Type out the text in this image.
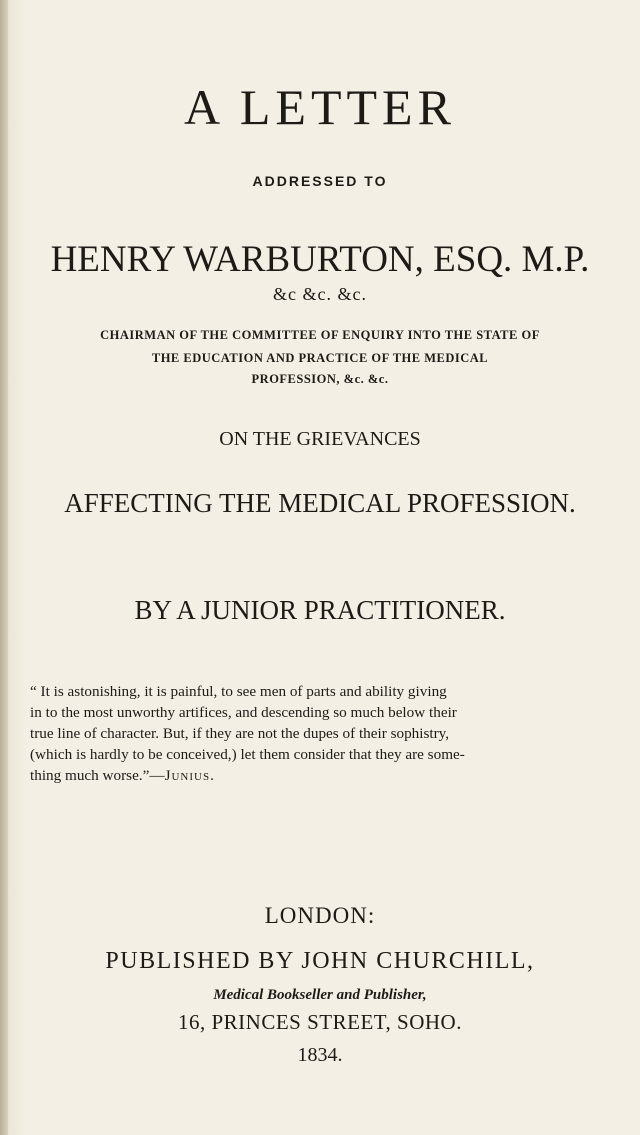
A LETTER
ADDRESSED TO
HENRY WARBURTON, ESQ. M.P.
&c &c. &c.
CHAIRMAN OF THE COMMITTEE OF ENQUIRY INTO THE STATE OF
THE EDUCATION AND PRACTICE OF THE MEDICAL
PROFESSION, &c. &c.
ON THE GRIEVANCES
AFFECTING THE MEDICAL PROFESSION.
BY A JUNIOR PRACTITIONER.
“ It is astonishing, it is painful, to see men of parts and ability giving
in to the most unworthy artifices, and descending so much below their
true line of character. But, if they are not the dupes of their sophistry,
(which is hardly to be conceived,) let them consider that they are some-
thing much worse.”—Junius.
LONDON:
PUBLISHED BY JOHN CHURCHILL,
Medical Bookseller and Publisher,
16, PRINCES STREET, SOHO.
1834.
